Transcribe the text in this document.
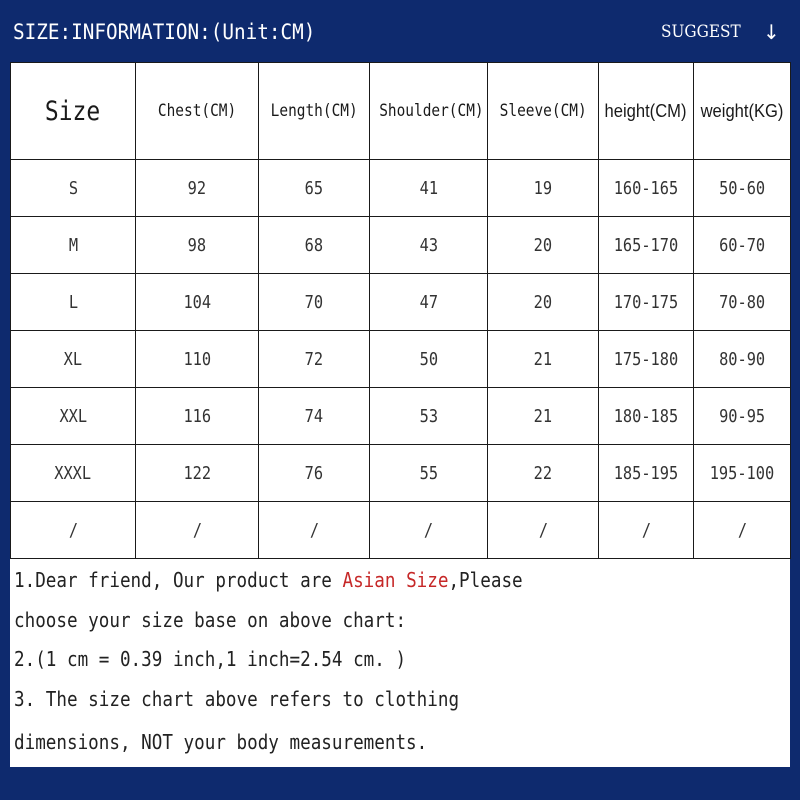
SIZE:INFORMATION:(Unit:CM)	SUGGEST ↓
Size	Chest(CM)	Length(CM)	Shoulder(CM)	Sleeve(CM)	height(CM)	weight(KG)
S	92	65	41	19	160-165	50-60
M	98	68	43	20	165-170	60-70
L	104	70	47	20	170-175	70-80
XL	110	72	50	21	175-180	80-90
XXL	116	74	53	21	180-185	90-95
XXXL	122	76	55	22	185-195	195-100
/	/	/	/	/	/	/
1.Dear friend, Our product are Asian Size,Please
choose your size base on above chart:
2.(1 cm = 0.39 inch,1 inch=2.54 cm. )
3. The size chart above refers to clothing
dimensions, NOT your body measurements.
